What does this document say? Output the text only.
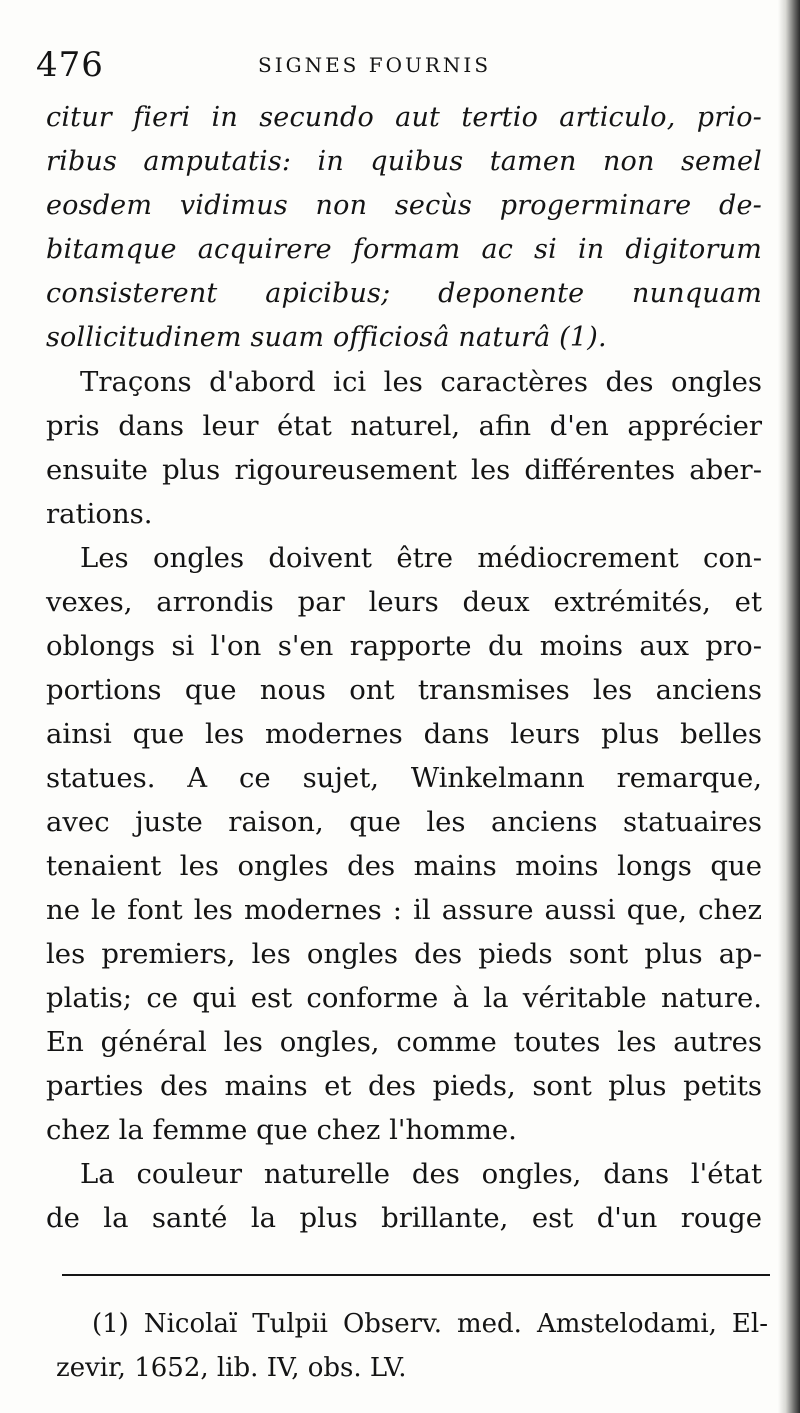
476	SIGNES FOURNIS
citur fieri in secundo aut tertio articulo, prio-
ribus amputatis: in quibus tamen non semel
eosdem vidimus non secùs progerminare de-
bitamque acquirere formam ac si in digitorum
consisterent apicibus; deponente nunquam
sollicitudinem suam officiosâ naturâ (1).
Traçons d'abord ici les caractères des ongles
pris dans leur état naturel, afin d'en apprécier
ensuite plus rigoureusement les différentes aber-
rations.
Les ongles doivent être médiocrement con-
vexes, arrondis par leurs deux extrémités, et
oblongs si l'on s'en rapporte du moins aux pro-
portions que nous ont transmises les anciens
ainsi que les modernes dans leurs plus belles
statues. A ce sujet, Winkelmann remarque,
avec juste raison, que les anciens statuaires
tenaient les ongles des mains moins longs que
ne le font les modernes : il assure aussi que, chez
les premiers, les ongles des pieds sont plus ap-
platis; ce qui est conforme à la véritable nature.
En général les ongles, comme toutes les autres
parties des mains et des pieds, sont plus petits
chez la femme que chez l'homme.
La couleur naturelle des ongles, dans l'état
de la santé la plus brillante, est d'un rouge
(1) Nicolaï Tulpii Observ. med. Amstelodami, El-
zevir, 1652, lib. IV, obs. LV.
